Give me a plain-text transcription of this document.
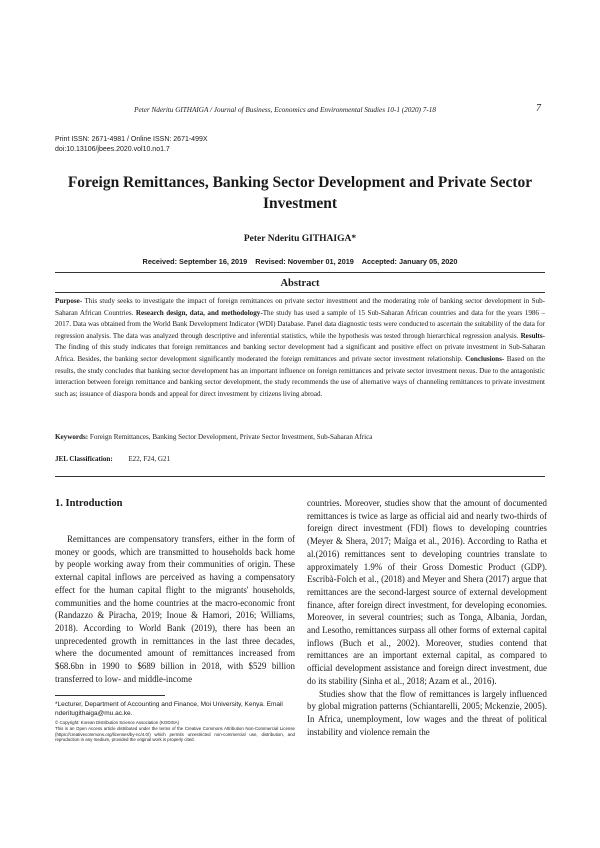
Peter Nderitu GITHAIGA / Journal of Business, Economics and Environmental Studies 10-1 (2020) 7-18	7
Print ISSN: 2671-4981 / Online ISSN: 2671-499X
doi:10.13106/jbees.2020.vol10.no1.7
Foreign Remittances, Banking Sector Development and Private Sector Investment
Peter Nderitu GITHAIGA*
Received: September 16, 2019    Revised: November 01, 2019    Accepted: January 05, 2020
Abstract
Purpose- This study seeks to investigate the impact of foreign remittances on private sector investment and the moderating role of banking sector development in Sub-Saharan African Countries. Research design, data, and methodology-The study has used a sample of 15 Sub-Saharan African countries and data for the years 1986 – 2017. Data was obtained from the World Bank Development Indicator (WDI) Database. Panel data diagnostic tests were conducted to ascertain the suitability of the data for regression analysis. The data was analyzed through descriptive and inferential statistics, while the hypothesis was tested through hierarchical regression analysis. Results- The finding of this study indicates that foreign remittances and banking sector development had a significant and positive effect on private investment in Sub-Saharan Africa. Besides, the banking sector development significantly moderated the foreign remittances and private sector investment relationship. Conclusions- Based on the results, the study concludes that banking sector development has an important influence on foreign remittances and private sector investment nexus. Due to the antagonistic interaction between foreign remittance and banking sector development, the study recommends the use of alternative ways of channeling remittances to private investment such as; issuance of diaspora bonds and appeal for direct investment by citizens living abroad.
Keywords: Foreign Remittances, Banking Sector Development, Private Sector Investment, Sub-Saharan Africa
JEL Classification: E22, F24, G21
1. Introduction

Remittances are compensatory transfers, either in the form of money or goods, which are transmitted to households back home by people working away from their communities of origin. These external capital inflows are perceived as having a compensatory effect for the human capital flight to the migrants' households, communities and the home countries at the macro-economic front (Randazzo & Piracha, 2019; Inoue & Hamori, 2016; Williams, 2018). According to World Bank (2019), there has been an unprecedented growth in remittances in the last three decades, where the documented amount of remittances increased from $68.6bn in 1990 to $689 billion in 2018, with $529 billion transferred to low- and middle-income

countries. Moreover, studies show that the amount of documented remittances is twice as large as official aid and nearly two-thirds of foreign direct investment (FDI) flows to developing countries (Meyer & Shera, 2017; Maïga et al., 2016). According to Ratha et al.(2016) remittances sent to developing countries translate to approximately 1.9% of their Gross Domestic Product (GDP). Escribà-Folch et al., (2018) and Meyer and Shera (2017) argue that remittances are the second-largest source of external development finance, after foreign direct investment, for developing economies. Moreover, in several countries; such as Tonga, Albania, Jordan, and Lesotho, remittances surpass all other forms of external capital inflows (Buch et al., 2002). Moreover, studies contend that remittances are an important external capital, as compared to official development assistance and foreign direct investment, due do its stability (Sinha et al., 2018; Azam et al., 2016).

Studies show that the flow of remittances is largely influenced by global migration patterns (Schiantarelli, 2005; Mckenzie, 2005). In Africa, unemployment, low wages and the threat of political instability and violence remain the

*Lecturer, Department of Accounting and Finance, Moi University, Kenya. Email nderitugithaiga@mu.ac.ke.
© Copyright: Korean Distribution Science Association (KODISA)
This is an Open Access article distributed under the terms of the Creative Commons Attribution Non-Commercial License (https://creativecommons.org/licenses/by-nc/4.0/) which permits unrestricted non-commercial use, distribution, and reproduction in any medium, provided the original work is properly cited.
